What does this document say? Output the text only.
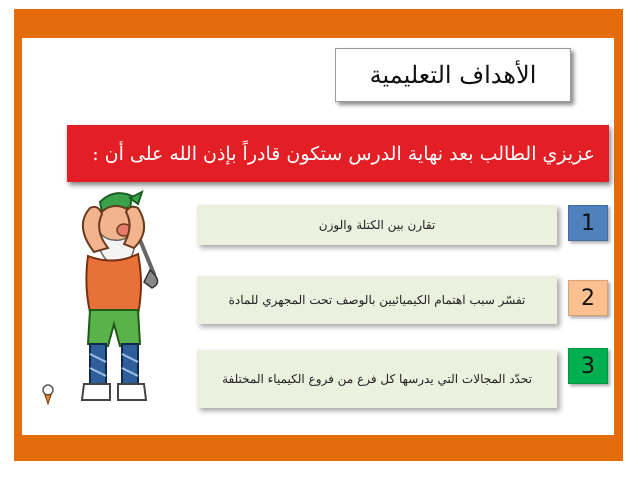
الأهداف التعليمية
عزيزي الطالب بعد نهاية الدرس ستكون قادراً بإذن الله على أن :
تقارن بين الكتلة والوزن	1
تفسّر سبب اهتمام الكيميائيين بالوصف تحت المجهري للمادة	2
تحدّد المجالات التي يدرسها كل فرع من فروع الكيمياء المختلفة
3
